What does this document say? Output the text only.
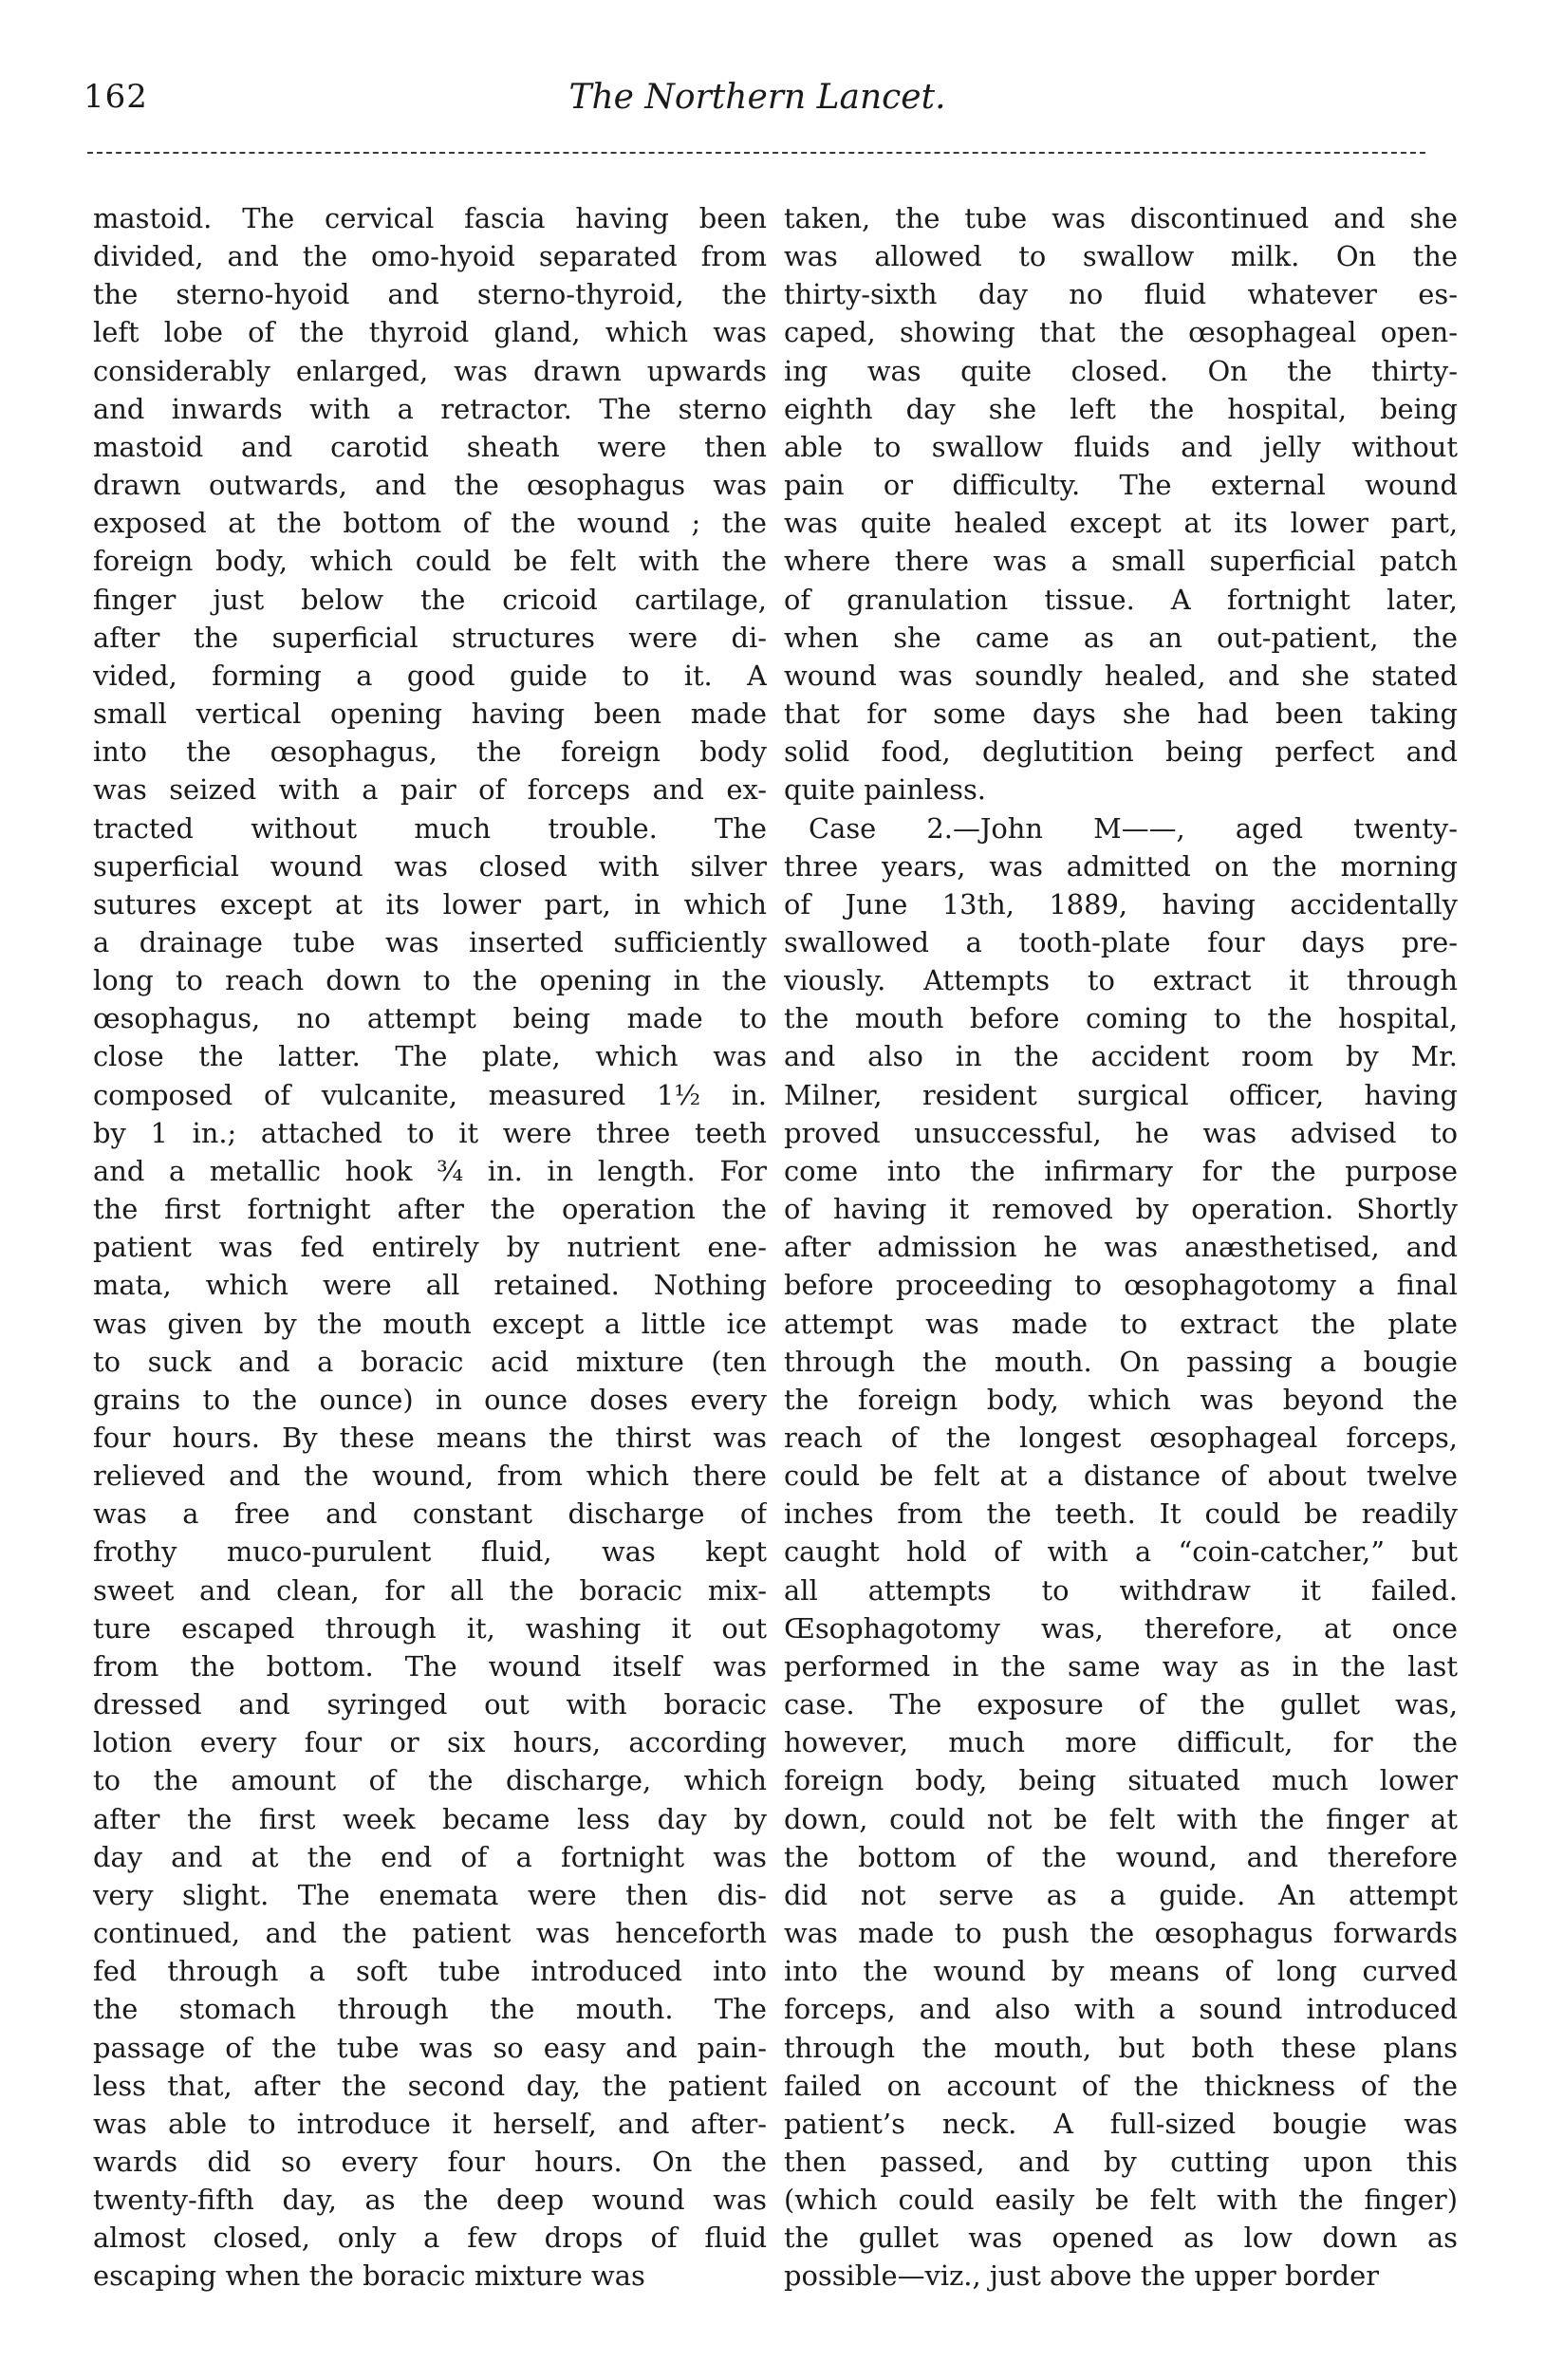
162	The Northern Lancet.

mastoid. The cervical fascia having been

divided, and the omo-hyoid separated from

the sterno-hyoid and sterno-thyroid, the

left lobe of the thyroid gland, which was

considerably enlarged, was drawn upwards

and inwards with a retractor. The sterno

mastoid and carotid sheath were then

drawn outwards, and the œsophagus was

exposed at the bottom of the wound ; the

foreign body, which could be felt with the

finger just below the cricoid cartilage,

after the superficial structures were di-

vided, forming a good guide to it. A

small vertical opening having been made

into the œsophagus, the foreign body

was seized with a pair of forceps and ex-

tracted without much trouble. The

superficial wound was closed with silver

sutures except at its lower part, in which

a drainage tube was inserted sufficiently

long to reach down to the opening in the

œsophagus, no attempt being made to

close the latter. The plate, which was

composed of vulcanite, measured 1½ in.

by 1 in.; attached to it were three teeth

and a metallic hook ¾ in. in length. For

the first fortnight after the operation the

patient was fed entirely by nutrient ene-

mata, which were all retained. Nothing

was given by the mouth except a little ice

to suck and a boracic acid mixture (ten

grains to the ounce) in ounce doses every

four hours. By these means the thirst was

relieved and the wound, from which there

was a free and constant discharge of

frothy muco-purulent fluid, was kept

sweet and clean, for all the boracic mix-

ture escaped through it, washing it out

from the bottom. The wound itself was

dressed and syringed out with boracic

lotion every four or six hours, according

to the amount of the discharge, which

after the first week became less day by

day and at the end of a fortnight was

very slight. The enemata were then dis-

continued, and the patient was henceforth

fed through a soft tube introduced into

the stomach through the mouth. The

passage of the tube was so easy and pain-

less that, after the second day, the patient

was able to introduce it herself, and after-

wards did so every four hours. On the

twenty-fifth day, as the deep wound was

almost closed, only a few drops of fluid

escaping when the boracic mixture was

taken, the tube was discontinued and she

was allowed to swallow milk. On the

thirty-sixth day no fluid whatever es-

caped, showing that the œsophageal open-

ing was quite closed. On the thirty-

eighth day she left the hospital, being

able to swallow fluids and jelly without

pain or difficulty. The external wound

was quite healed except at its lower part,

where there was a small superficial patch

of granulation tissue. A fortnight later,

when she came as an out-patient, the

wound was soundly healed, and she stated

that for some days she had been taking

solid food, deglutition being perfect and

quite painless.

Case 2.—John M——, aged twenty-

three years, was admitted on the morning

of June 13th, 1889, having accidentally

swallowed a tooth-plate four days pre-

viously. Attempts to extract it through

the mouth before coming to the hospital,

and also in the accident room by Mr.

Milner, resident surgical officer, having

proved unsuccessful, he was advised to

come into the infirmary for the purpose

of having it removed by operation. Shortly

after admission he was anæsthetised, and

before proceeding to œsophagotomy a final

attempt was made to extract the plate

through the mouth. On passing a bougie

the foreign body, which was beyond the

reach of the longest œsophageal forceps,

could be felt at a distance of about twelve

inches from the teeth. It could be readily

caught hold of with a “coin-catcher,” but

all attempts to withdraw it failed.

Œsophagotomy was, therefore, at once

performed in the same way as in the last

case. The exposure of the gullet was,

however, much more difficult, for the

foreign body, being situated much lower

down, could not be felt with the finger at

the bottom of the wound, and therefore

did not serve as a guide. An attempt

was made to push the œsophagus forwards

into the wound by means of long curved

forceps, and also with a sound introduced

through the mouth, but both these plans

failed on account of the thickness of the

patient’s neck. A full-sized bougie was

then passed, and by cutting upon this

(which could easily be felt with the finger)

the gullet was opened as low down as

possible—viz., just above the upper border
